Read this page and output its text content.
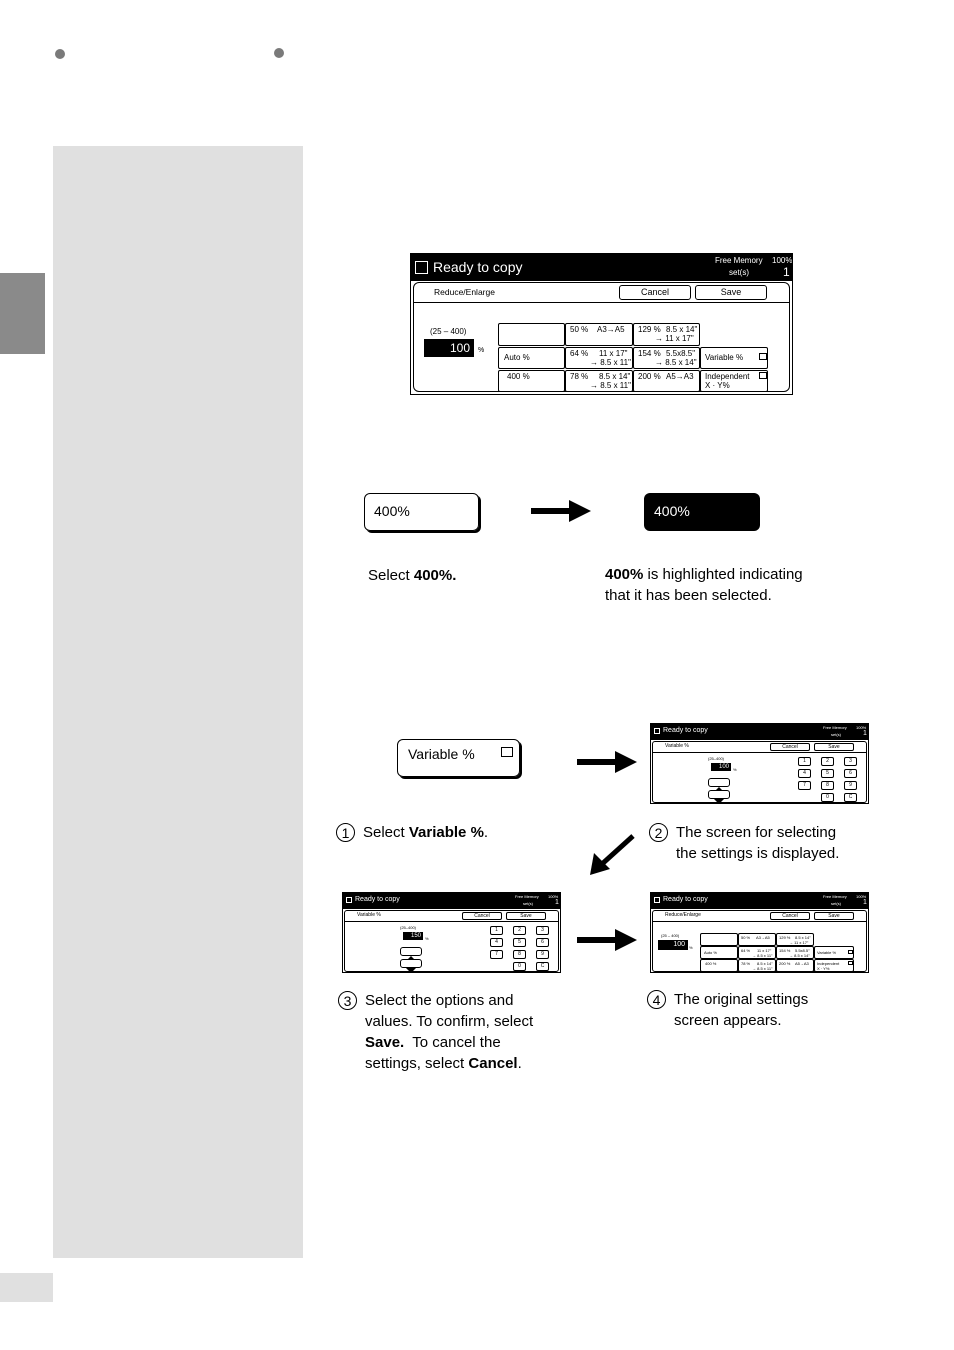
Ready to copy	Free Memory 100%
set(s)	1
Reduce/Enlarge	Cancel	Save
(25 – 400)
100	%
100 %
Auto %
400 %
50 % A3→A5
64 % 11 x 17"
→ 8.5 x 11"
78 % 8.5 x 14"
→ 8.5 x 11"
129 % 8.5 x 14"
→ 11 x 17"
154 % 5.5x8.5"
→ 8.5 x 14"
200 % A5→A3
Variable %
Independent
X · Y%
400%	400%
Select 400%.	400% is highlighted indicating
that it has been selected.
Variable %
Ready to copy	Free Memory 100%
set(s)	1
Variable %	Cancel	Save
(25–400)
100	%
1	2	3
4	5	6
7	8	9
0	C
1 Select Variable %.	2 The screen for selecting
the settings is displayed.
Ready to copy	Free Memory 100%
set(s)	1
Variable %	Cancel	Save
(25–400)
150	%
1	2	3
4	5	6
7	8	9
0	C
Ready to copy	Free Memory 100%
set(s)	1
Reduce/Enlarge	Cancel	Save
(25 – 400)
100	%
100 %
Auto %
400 %
50 % A3→A5
64 % 11 x 17"
→ 8.5 x 11"
78 % 8.5 x 14"
→ 8.5 x 11"
129 % 8.5 x 14"
→ 11 x 17"
154 % 5.5x8.5"
→ 8.5 x 14"
200 % A5→A3
Variable %
Independent
X · Y%
3 Select the options and
values. To confirm, select
Save.  To cancel the
settings, select Cancel.
4 The original settings
screen appears.
